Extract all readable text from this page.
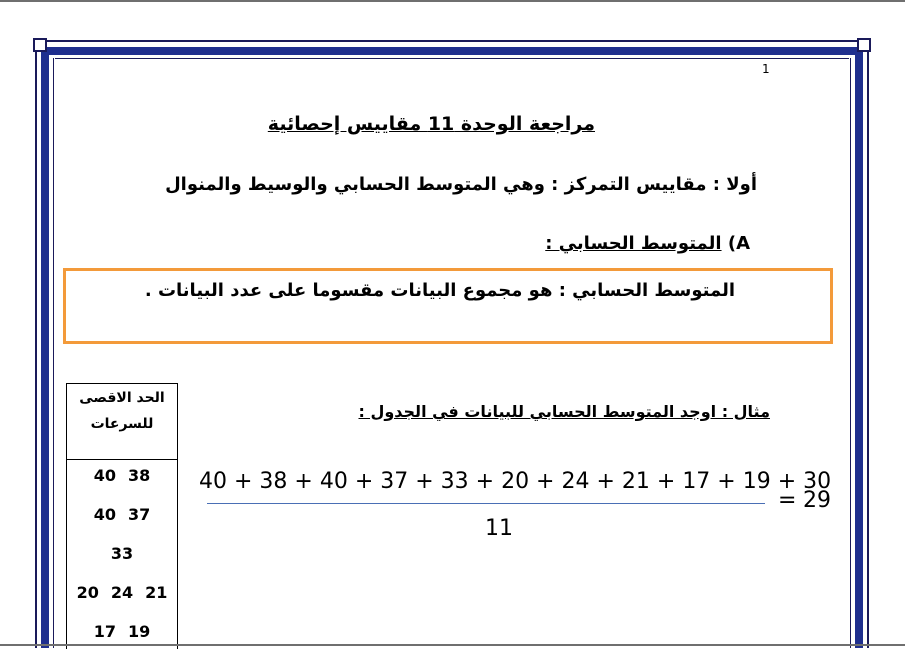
1
مراجعة الوحدة 11 مقاييس إحصائية
أولا : مقاييس التمركز : وهي المتوسط الحسابي والوسيط والمنوال
A) المتوسط الحسابي :
المتوسط الحسابي : هو مجموع البيانات مقسوما على عدد البيانات .
مثال : اوجد المتوسط الحسابي للبيانات في الجدول :
الحد الاقصى
للسرعات
3840
3740
33
212420
1917
40 + 38 + 40 + 37 + 33 + 20 + 24 + 21 + 17 + 19 + 30
11
= 29
